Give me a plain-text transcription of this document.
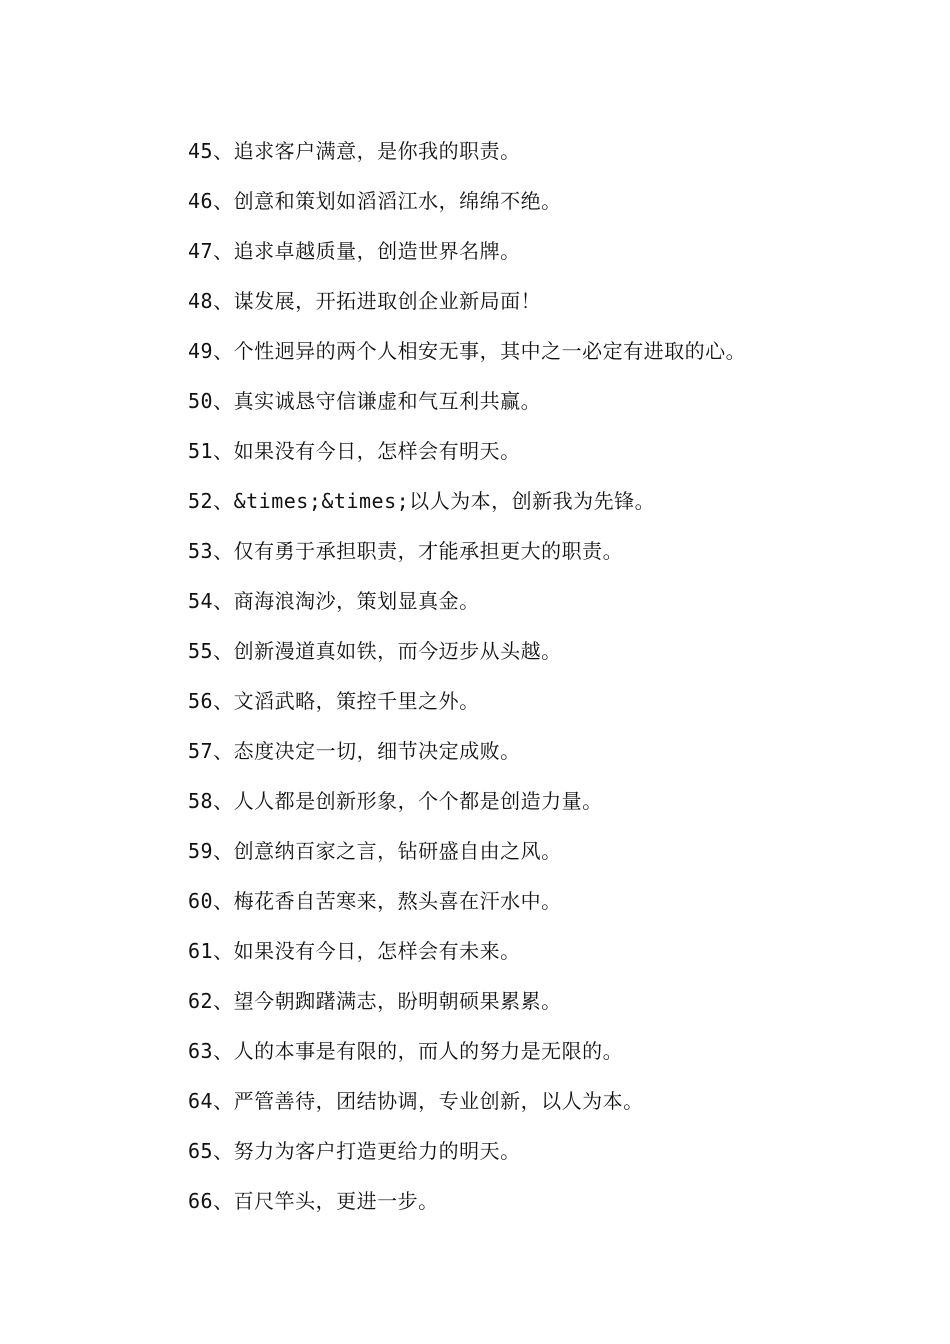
45、追求客户满意，是你我的职责。
46、创意和策划如滔滔江水，绵绵不绝。
47、追求卓越质量，创造世界名牌。
48、谋发展，开拓进取创企业新局面！
49、个性迥异的两个人相安无事，其中之一必定有进取的心。
50、真实诚恳守信谦虚和气互利共赢。
51、如果没有今日，怎样会有明天。
52、&times;&times;以人为本，创新我为先锋。
53、仅有勇于承担职责，才能承担更大的职责。
54、商海浪淘沙，策划显真金。
55、创新漫道真如铁，而今迈步从头越。
56、文滔武略，策控千里之外。
57、态度决定一切，细节决定成败。
58、人人都是创新形象，个个都是创造力量。
59、创意纳百家之言，钻研盛自由之风。
60、梅花香自苦寒来，熬头喜在汗水中。
61、如果没有今日，怎样会有未来。
62、望今朝踟躇满志，盼明朝硕果累累。
63、人的本事是有限的，而人的努力是无限的。
64、严管善待，团结协调，专业创新，以人为本。
65、努力为客户打造更给力的明天。
66、百尺竿头，更进一步。
